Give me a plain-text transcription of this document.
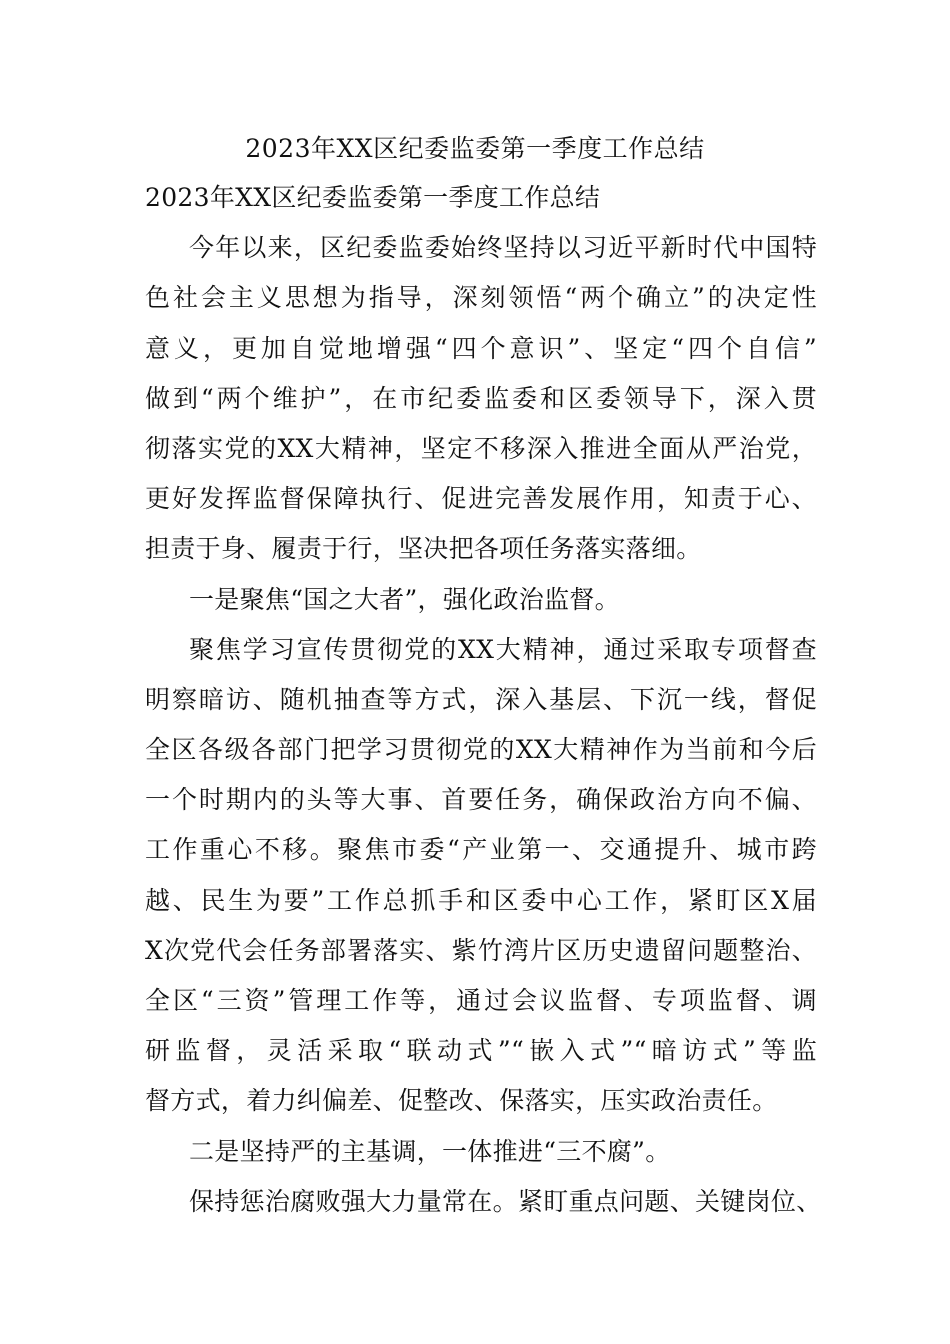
2023年XX区纪委监委第一季度工作总结
2023年XX区纪委监委第一季度工作总结
今年以来，区纪委监委始终坚持以习近平新时代中国特
色社会主义思想为指导，深刻领悟“两个确立”的决定性
意义，更加自觉地增强“四个意识”、坚定“四个自信”
做到“两个维护”，在市纪委监委和区委领导下，深入贯
彻落实党的XX大精神，坚定不移深入推进全面从严治党，
更好发挥监督保障执行、促进完善发展作用，知责于心、
担责于身、履责于行，坚决把各项任务落实落细。
一是聚焦“国之大者”，强化政治监督。
聚焦学习宣传贯彻党的XX大精神，通过采取专项督查
明察暗访、随机抽查等方式，深入基层、下沉一线，督促
全区各级各部门把学习贯彻党的XX大精神作为当前和今后
一个时期内的头等大事、首要任务，确保政治方向不偏、
工作重心不移。聚焦市委“产业第一、交通提升、城市跨
越、民生为要”工作总抓手和区委中心工作，紧盯区X届
X次党代会任务部署落实、紫竹湾片区历史遗留问题整治、
全区“三资”管理工作等，通过会议监督、专项监督、调
研监督，灵活采取“联动式”“嵌入式”“暗访式”等监
督方式，着力纠偏差、促整改、保落实，压实政治责任。
二是坚持严的主基调，一体推进“三不腐”。
保持惩治腐败强大力量常在。紧盯重点问题、关键岗位、
